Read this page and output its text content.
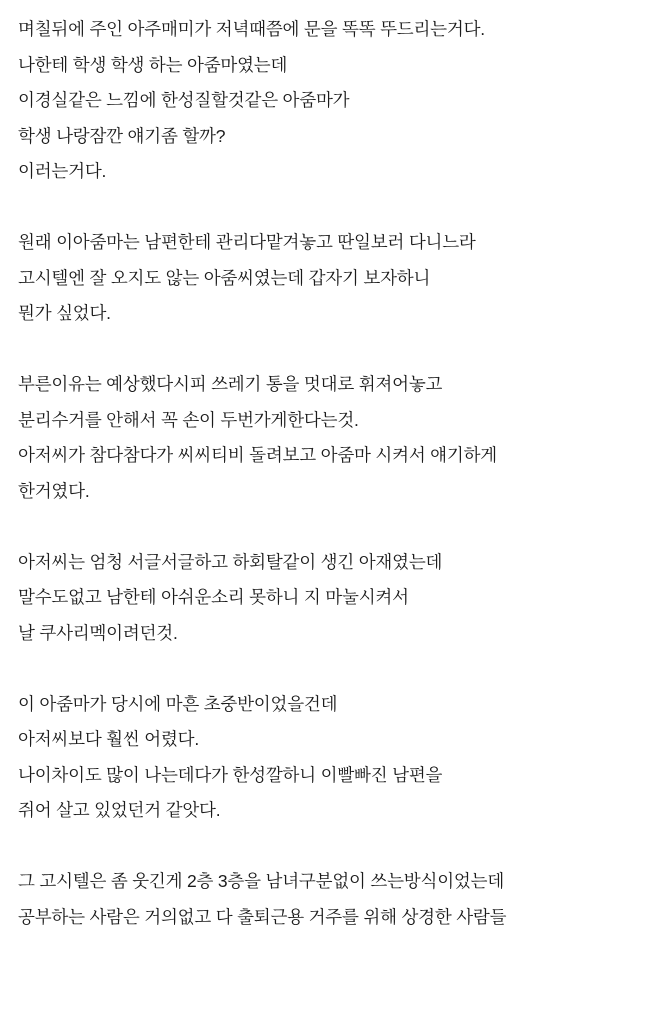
며칠뒤에 주인 아주매미가 저녁때쯤에 문을 똑똑 뚜드리는거다.
나한테 학생 학생 하는 아줌마였는데
이경실같은 느낌에 한성질할것같은 아줌마가
학생 나랑잠깐 얘기좀 할까?
이러는거다.
원래 이아줌마는 남편한테 관리다맡겨놓고 딴일보러 다니느라
고시텔엔 잘 오지도 않는 아줌씨였는데 갑자기 보자하니
뭔가 싶었다.
부른이유는 예상했다시피 쓰레기 통을 멋대로 휘져어놓고
분리수거를 안해서 꼭 손이 두번가게한다는것.
아저씨가 참다참다가 씨씨티비 돌려보고 아줌마 시켜서 얘기하게
한거였다.
아저씨는 엄청 서글서글하고 하회탈같이 생긴 아재였는데
말수도없고 남한테 아쉬운소리 못하니 지 마눌시켜서
날 쿠사리멕이려던것.
이 아줌마가 당시에 마흔 초중반이었을건데
아저씨보다 훨씬 어렸다.
나이차이도 많이 나는데다가 한성깔하니 이빨빠진 남편을
쥐어 살고 있었던거 같앗다.
그 고시텔은 좀 웃긴게 2층 3층을 남녀구분없이 쓰는방식이었는데
공부하는 사람은 거의없고 다 출퇴근용 거주를 위해 상경한 사람들
